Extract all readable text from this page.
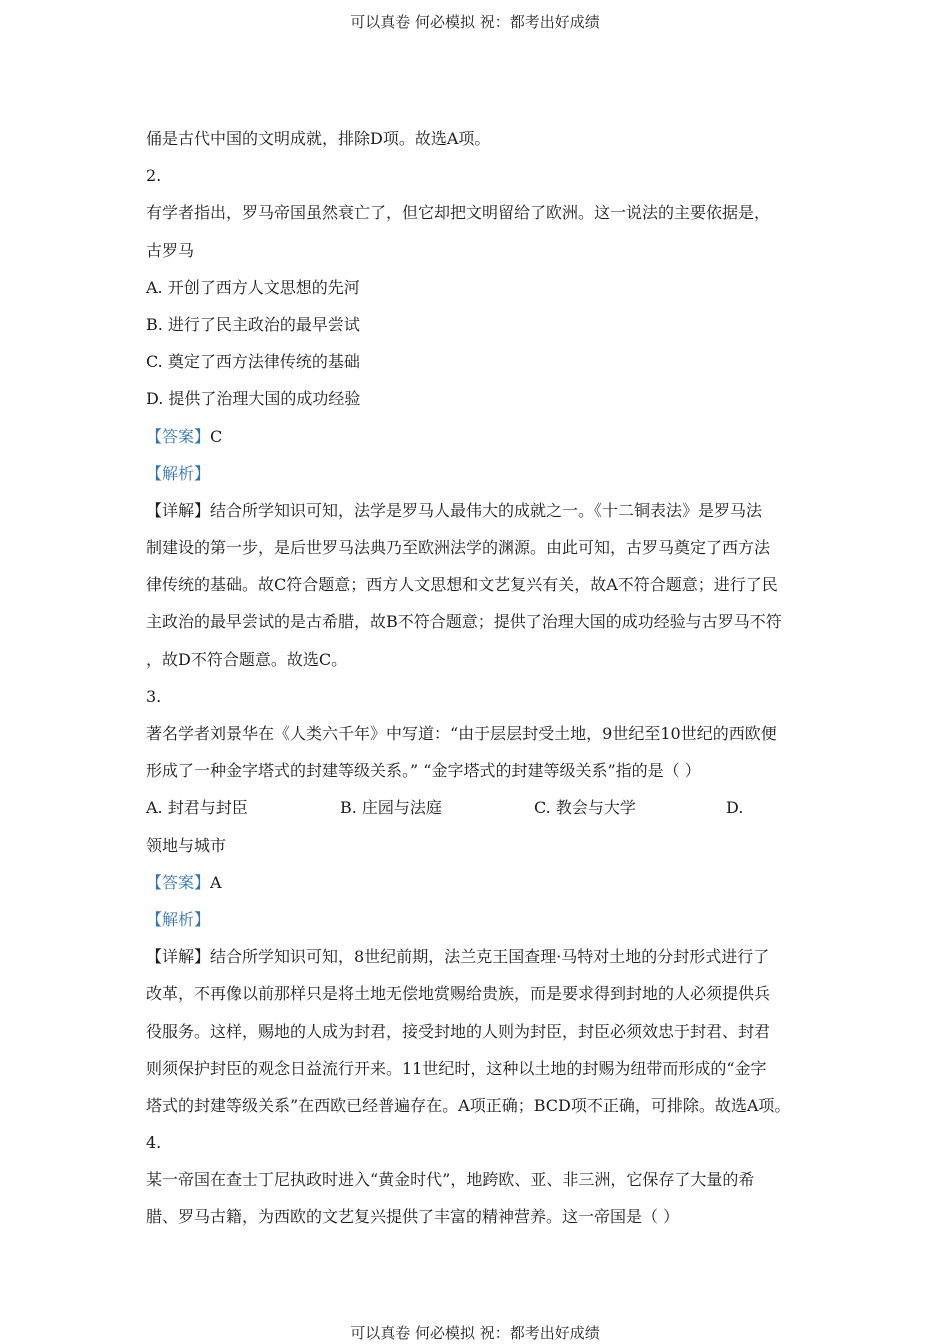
可以真卷 何必模拟 祝：都考出好成绩
俑是古代中国的文明成就，排除D项。故选A项。
2.
有学者指出，罗马帝国虽然衰亡了，但它却把文明留给了欧洲。这一说法的主要依据是，
古罗马
A. 开创了西方人文思想的先河
B. 进行了民主政治的最早尝试
C. 奠定了西方法律传统的基础
D. 提供了治理大国的成功经验
【答案】C
【解析】
【详解】结合所学知识可知，法学是罗马人最伟大的成就之一。《十二铜表法》是罗马法
制建设的第一步，是后世罗马法典乃至欧洲法学的渊源。由此可知，古罗马奠定了西方法
律传统的基础。故C符合题意；西方人文思想和文艺复兴有关，故A不符合题意；进行了民
主政治的最早尝试的是古希腊，故B不符合题意；提供了治理大国的成功经验与古罗马不符
，故D不符合题意。故选C。
3.
著名学者刘景华在《人类六千年》中写道：“由于层层封受土地，9世纪至10世纪的西欧便
形成了一种金字塔式的封建等级关系。” “金字塔式的封建等级关系”指的是（ ）
A. 封君与封臣	B. 庄园与法庭	C. 教会与大学	D.
领地与城市
【答案】A
【解析】
【详解】结合所学知识可知，8世纪前期，法兰克王国查理·马特对土地的分封形式进行了
改革，不再像以前那样只是将土地无偿地赏赐给贵族，而是要求得到封地的人必须提供兵
役服务。这样，赐地的人成为封君，接受封地的人则为封臣，封臣必须效忠于封君、封君
则须保护封臣的观念日益流行开来。11世纪时，这种以土地的封赐为纽带而形成的“金字
塔式的封建等级关系”在西欧已经普遍存在。A项正确；BCD项不正确，可排除。故选A项。
4.
某一帝国在查士丁尼执政时进入“黄金时代”，地跨欧、亚、非三洲，它保存了大量的希
腊、罗马古籍，为西欧的文艺复兴提供了丰富的精神营养。这一帝国是（ ）
可以真卷 何必模拟 祝：都考出好成绩
